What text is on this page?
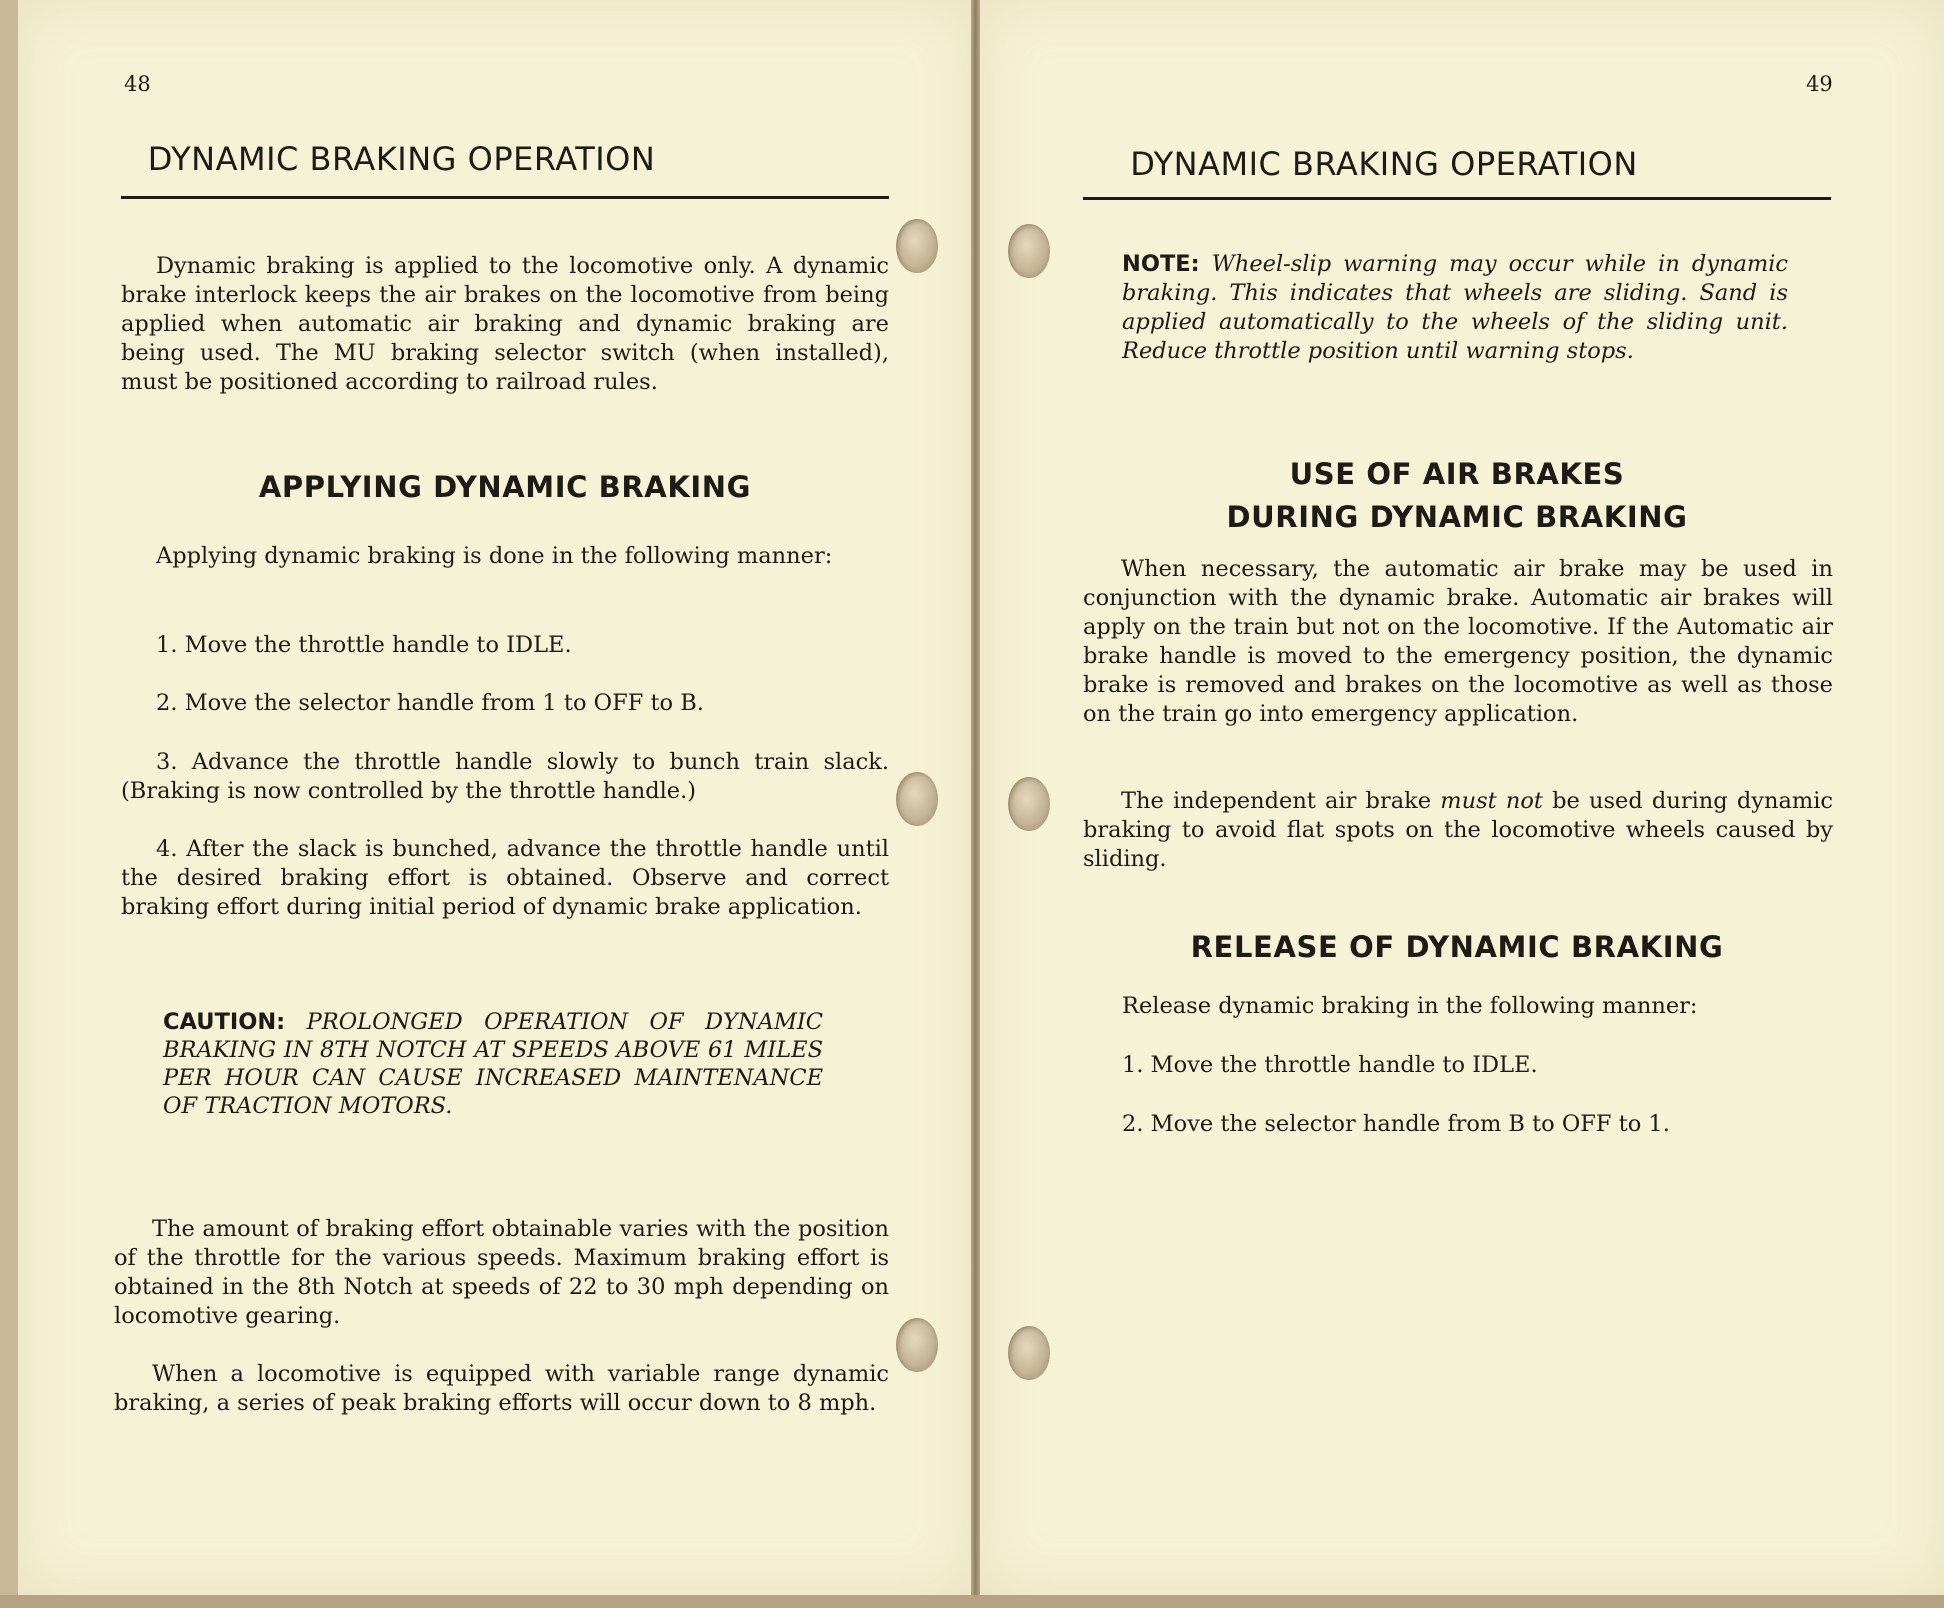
48
DYNAMIC BRAKING OPERATION

Dynamic braking is applied to the locomotive only. A dynamic brake interlock keeps the air brakes on the locomotive from being applied when automatic air braking and dynamic braking are being used. The MU braking selector switch (when installed), must be positioned according to railroad rules.

APPLYING DYNAMIC BRAKING

Applying dynamic braking is done in the following manner:

1. Move the throttle handle to IDLE.

2. Move the selector handle from 1 to OFF to B.

3. Advance the throttle handle slowly to bunch train slack. (Braking is now controlled by the throttle handle.)

4. After the slack is bunched, advance the throttle handle until the desired braking effort is obtained. Observe and correct braking effort during initial period of dynamic brake application.

CAUTION: PROLONGED OPERATION OF DYNAMIC BRAKING IN 8TH NOTCH AT SPEEDS ABOVE 61 MILES PER HOUR CAN CAUSE INCREASED MAINTENANCE OF TRACTION MOTORS.

The amount of braking effort obtainable varies with the position of the throttle for the various speeds. Maximum braking effort is obtained in the 8th Notch at speeds of 22 to 30 mph depending on locomotive gearing.

When a locomotive is equipped with variable range dynamic braking, a series of peak braking efforts will occur down to 8 mph.

49
DYNAMIC BRAKING OPERATION

NOTE: Wheel-slip warning may occur while in dynamic braking. This indicates that wheels are sliding. Sand is applied automatically to the wheels of the sliding unit. Reduce throttle position until warning stops.

USE OF AIR BRAKES
DURING DYNAMIC BRAKING

When necessary, the automatic air brake may be used in conjunction with the dynamic brake. Automatic air brakes will apply on the train but not on the locomotive. If the Automatic air brake handle is moved to the emergency position, the dynamic brake is removed and brakes on the locomotive as well as those on the train go into emergency application.

The independent air brake must not be used during dynamic braking to avoid flat spots on the locomotive wheels caused by sliding.

RELEASE OF DYNAMIC BRAKING

Release dynamic braking in the following manner:

1. Move the throttle handle to IDLE.

2. Move the selector handle from B to OFF to 1.
